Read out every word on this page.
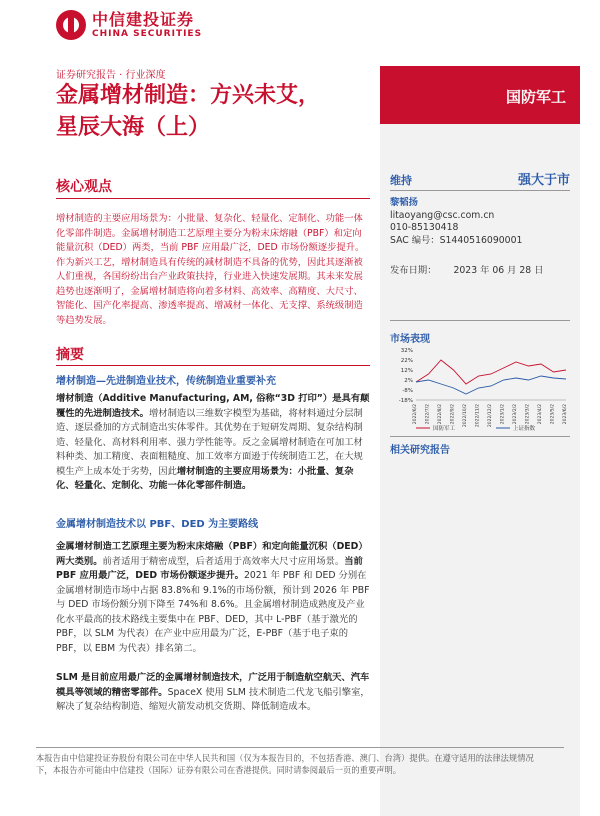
中信建投证券
CHINA SECURITIES
证券研究报告 · 行业深度
金属增材制造：方兴未艾，
星辰大海（上）
国防军工
核心观点
增材制造的主要应用场景为：小批量、复杂化、轻量化、定制化、功能一体化零部件制造。金属增材制造工艺原理主要分为粉末床熔融（PBF）和定向能量沉积（DED）两类，当前 PBF 应用最广泛，DED 市场份额逐步提升。作为新兴工艺，增材制造具有传统的减材制造不具备的优势，因此其逐渐被人们重视，各国纷纷出台产业政策扶持，行业进入快速发展期。其未来发展趋势也逐渐明了，金属增材制造将向着多材料、高效率、高精度、大尺寸、智能化、国产化率提高、渗透率提高、增减材一体化、无支撑、系统级制造等趋势发展。
摘要
增材制造—先进制造业技术，传统制造业重要补充
增材制造（Additive Manufacturing, AM, 俗称“3D 打印”）是具有颠覆性的先进制造技术。增材制造以三维数字模型为基础，将材料通过分层制造、逐层叠加的方式制造出实体零件。其优势在于短研发周期、复杂结构制造、轻量化、高材料利用率、强力学性能等。反之金属增材制造在可加工材料种类、加工精度、表面粗糙度、加工效率方面逊于传统制造工艺，在大规模生产上成本处于劣势，因此增材制造的主要应用场景为：小批量、复杂化、轻量化、定制化、功能一体化零部件制造。
金属增材制造技术以 PBF、DED 为主要路线
金属增材制造工艺原理主要为粉末床熔融（PBF）和定向能量沉积（DED）两大类别。前者适用于精密成型，后者适用于高效率大尺寸应用场景。当前 PBF 应用最广泛，DED 市场份额逐步提升。2021 年 PBF 和 DED 分别在金属增材制造市场中占据 83.8%和 9.1%的市场份额，预计到 2026 年 PBF 与 DED 市场份额分别下降至 74%和 8.6%。且金属增材制造成熟度及产业化水平最高的技术路线主要集中在 PBF、DED，其中 L-PBF（基于激光的 PBF，以 SLM 为代表）在产业中应用最为广泛，E-PBF（基于电子束的 PBF，以 EBM 为代表）排名第二。
SLM 是目前应用最广泛的金属增材制造技术，广泛用于制造航空航天、汽车模具等领域的精密零部件。SpaceX 使用 SLM 技术制造二代龙飞船引擎室，解决了复杂结构制造、缩短火箭发动机交货期、降低制造成本。
维持	强大于市
黎韬扬
litaoyang@csc.com.cn
010-85130418
SAC 编号：S1440516090001
发布日期： 2023 年 06 月 28 日
市场表现
32%
22%
12%
2%
-8%
-18%
2022/6/2 2022/7/2 2022/8/2 2022/9/2 2022/10/2 2022/11/2 2022/12/2 2023/1/2 2023/2/2 2023/3/2 2023/4/2 2023/5/2 2023/6/2
国防军工	上证指数
相关研究报告
本报告由中信建投证券股份有限公司在中华人民共和国（仅为本报告目的，不包括香港、澳门、台湾）提供。在遵守适用的法律法规情况
下，本报告亦可能由中信建投（国际）证券有限公司在香港提供。同时请参阅最后一页的重要声明。
